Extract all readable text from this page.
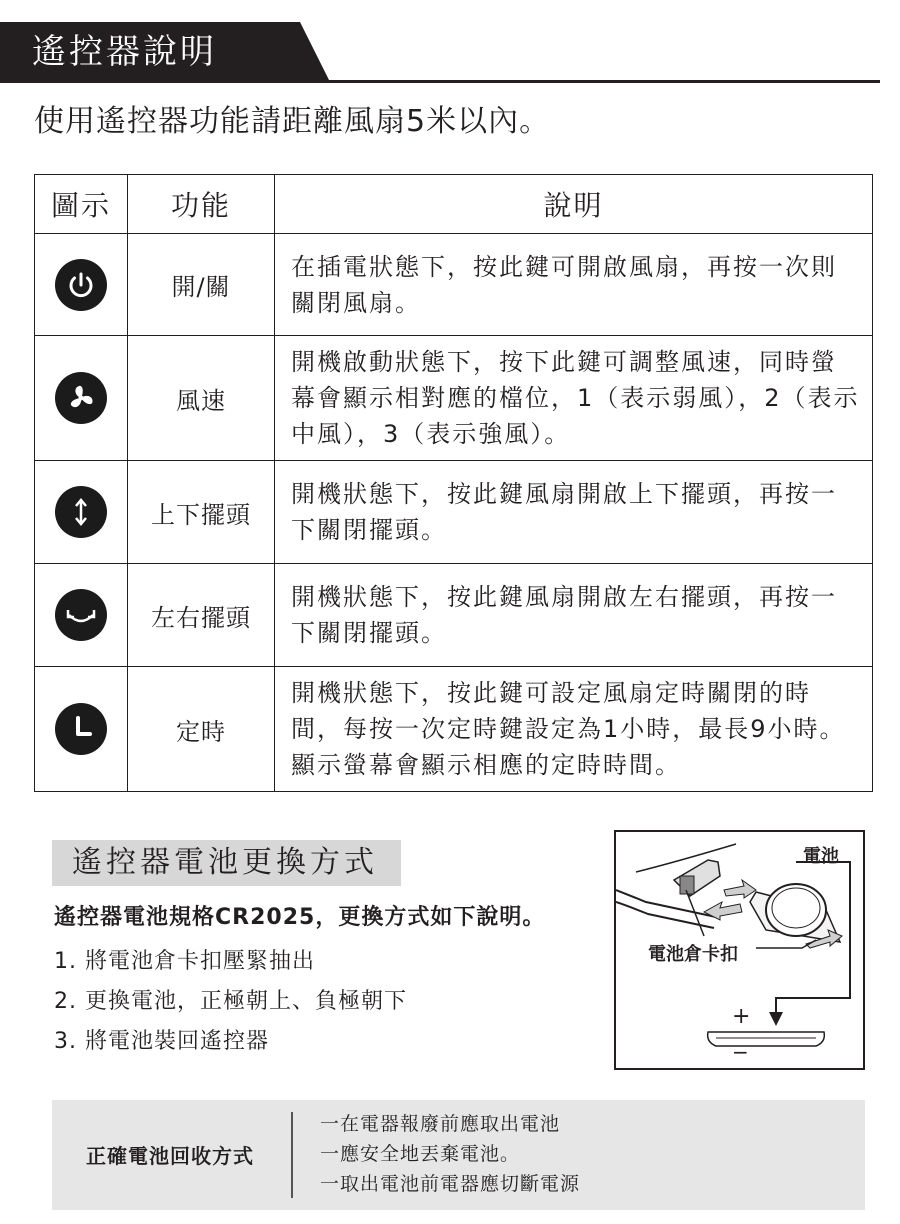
遙控器說明
使用遙控器功能請距離風扇5米以內。
圖示	功能	說明

	開/關	在插電狀態下，按此鍵可開啟風扇，再按一次則關閉風扇。

	風速	開機啟動狀態下，按下此鍵可調整風速，同時螢幕會顯示相對應的檔位，1（表示弱風），2（表示中風），3（表示強風）。

	上下擺頭	開機狀態下，按此鍵風扇開啟上下擺頭，再按一下關閉擺頭。

	左右擺頭	開機狀態下，按此鍵風扇開啟左右擺頭，再按一下關閉擺頭。

	定時	開機狀態下，按此鍵可設定風扇定時關閉的時間，每按一次定時鍵設定為1小時，最長9小時。顯示螢幕會顯示相應的定時時間。
遙控器電池更換方式
遙控器電池規格CR2025，更換方式如下說明。
1. 將電池倉卡扣壓緊抽出
2. 更換電池，正極朝上、負極朝下
3. 將電池裝回遙控器
電池
電池倉卡扣
+
−
正確電池回收方式
一在電器報廢前應取出電池
一應安全地丟棄電池。
一取出電池前電器應切斷電源
